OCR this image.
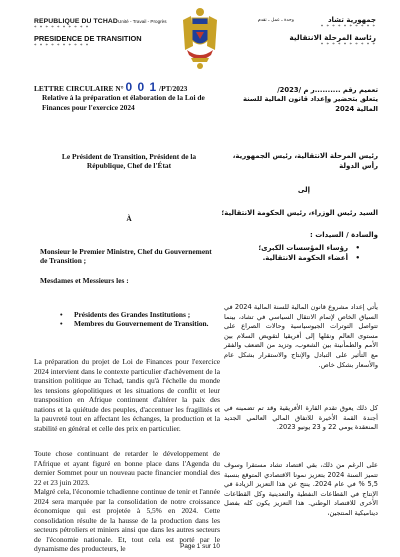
REPUBLIQUE DU TCHAD Unité - Travail - Progrès
* * * * * * * * * *
PRESIDENCE DE TRANSITION
* * * * * * * * * *
جمهورية تشاد
وحدة ـ عمل ـ تقدم
* * * * * * * * * *
رئاسة المرحلة الانتقالية
* * * * * * * * * *
LETTRE CIRCULAIRE N° 0 0 1 /PT/2023
Relative à la préparation et élaboration de la Loi de Finances pour l'exercice 2024
تعميم رقم ..........ر م /2023/
يتعلق بتحضير وإعداد قانون المالية للسنة المالية 2024
Le Président de Transition, Président de la République, Chef de l'État
رئيس المرحلة الانتقالية، رئيس الجمهورية، رأس الدولة
À
إلى
Monsieur le Premier Ministre, Chef du Gouvernement de Transition ;
Mesdames et Messieurs les :
• Présidents des Grandes Institutions ;
• Membres du Gouvernement de Transition.
السيد رئيس الوزراء، رئيس الحكومة الانتقالية؛
والسادة / السيدات :
• رؤساء المؤسسات الكبرى؛
• أعضاء الحكومة الانتقالية.
La préparation du projet de Loi de Finances pour l'exercice 2024 intervient dans le contexte particulier d'achèvement de la transition politique au Tchad, tandis qu'à l'échelle du monde les tensions géopolitiques et les situations de conflit et leur transposition en Afrique continuent d'altérer la paix des nations et la quiétude des peuples, d'accentuer les fragilités et la pauvreté tout en affectant les échanges, la production et la stabilité en général et celle des prix en particulier.
Toute chose continuant de retarder le développement de l'Afrique et ayant figuré en bonne place dans l'Agenda du dernier Sommet pour un nouveau pacte financier mondial des 22 et 23 juin 2023.
Malgré cela, l'économie tchadienne continue de tenir et l'année 2024 sera marquée par la consolidation de notre croissance économique qui est projetée à 5,5% en 2024. Cette consolidation résulte de la hausse de la production dans les secteurs pétroliers et miniers ainsi que dans les autres secteurs de l'économie nationale. Et, tout cela est porté par le dynamisme des producteurs, le
يأتي إعداد مشروع قانون المالية للسنة المالية 2024 في السياق الخاص لإتمام الانتقال السياسي في تشاد، بينما تتواصل التوترات الجيوسياسية وحالات الصراع على مستوى العالم ونقلها إلى أفريقيا لتقويض السلام بين الأمم والطمأنينة بين الشعوب، وتزيد من الضعف والفقر مع التأثير على التبادل والإنتاج والاستقرار بشكل عام والأسعار بشكل خاص.
كل ذلك يعوق تقدم القارة الأفريقية وقد تم تضمينه في أجندة القمة الأخيرة للاتفاق المالي العالمي الجديد المنعقدة يومي 22 و 23 يونيو 2023.
على الرغم من ذلك، بقي اقتصاد تشاد مستقرا وسوف تتميز السنة 2024 بتعزيز نمونا الاقتصادي المتوقع بنسبة 5,5 % في عام 2024. ينتج عن هذا التعزيز الزيادة في الإنتاج في القطاعات النفطية والتعدينية وكل القطاعات الأخرى للاقتصاد الوطني. هذا التعزيز يكون كله بفضل ديناميكية المنتجين،
Page 1 sur 10
